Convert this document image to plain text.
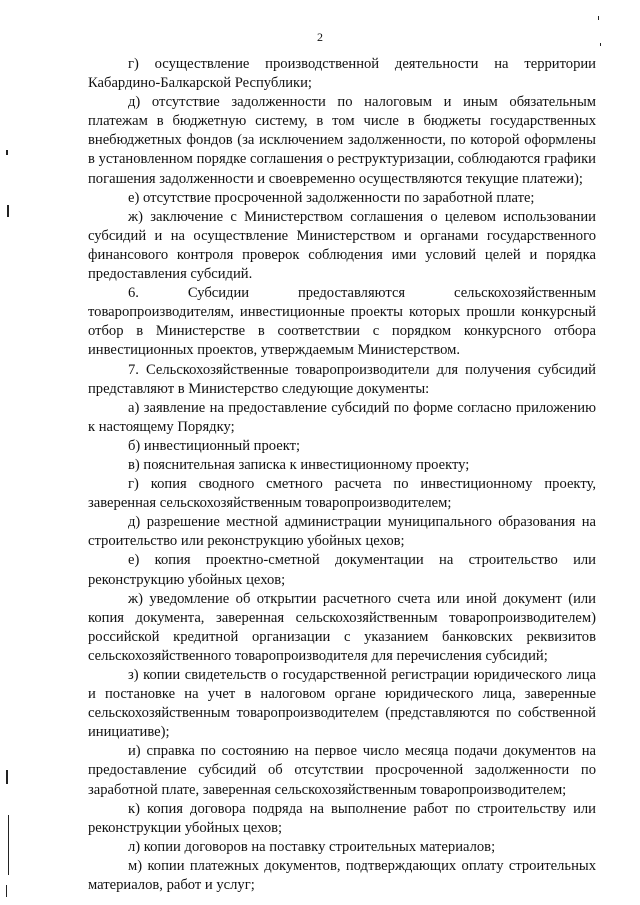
2

г) осуществление производственной деятельности на территории Кабардино-Балкарской Республики;

д) отсутствие задолженности по налоговым и иным обязательным платежам в бюджетную систему, в том числе в бюджеты государственных внебюджетных фондов (за исключением задолженности, по которой оформлены в установленном порядке соглашения о реструктуризации, соблюдаются графики погашения задолженности и своевременно осуществляются текущие платежи);

е) отсутствие просроченной задолженности по заработной плате;

ж) заключение с Министерством соглашения о целевом использовании субсидий и на осуществление Министерством и органами государственного финансового контроля проверок соблюдения ими условий целей и порядка предоставления субсидий.

6. Субсидии предоставляются сельскохозяйственным товаропроизводителям, инвестиционные проекты которых прошли конкурсный отбор в Министерстве в соответствии с порядком конкурсного отбора инвестиционных проектов, утверждаемым Министерством.

7. Сельскохозяйственные товаропроизводители для получения субсидий представляют в Министерство следующие документы:

а) заявление на предоставление субсидий по форме согласно приложению к настоящему Порядку;

б) инвестиционный проект;

в) пояснительная записка к инвестиционному проекту;

г) копия сводного сметного расчета по инвестиционному проекту, заверенная сельскохозяйственным товаропроизводителем;

д) разрешение местной администрации муниципального образования на строительство или реконструкцию убойных цехов;

е) копия проектно-сметной документации на строительство или реконструкцию убойных цехов;

ж) уведомление об открытии расчетного счета или иной документ (или копия документа, заверенная сельскохозяйственным товаропроизводителем) российской кредитной организации с указанием банковских реквизитов сельскохозяйственного товаропроизводителя для перечисления субсидий;

з) копии свидетельств о государственной регистрации юридического лица и постановке на учет в налоговом органе юридического лица, заверенные сельскохозяйственным товаропроизводителем (представляются по собственной инициативе);

и) справка по состоянию на первое число месяца подачи документов на предоставление субсидий об отсутствии просроченной задолженности по заработной плате, заверенная сельскохозяйственным товаропроизводителем;

к) копия договора подряда на выполнение работ по строительству или реконструкции убойных цехов;

л) копии договоров на поставку строительных материалов;

м) копии платежных документов, подтверждающих оплату строительных материалов, работ и услуг;
